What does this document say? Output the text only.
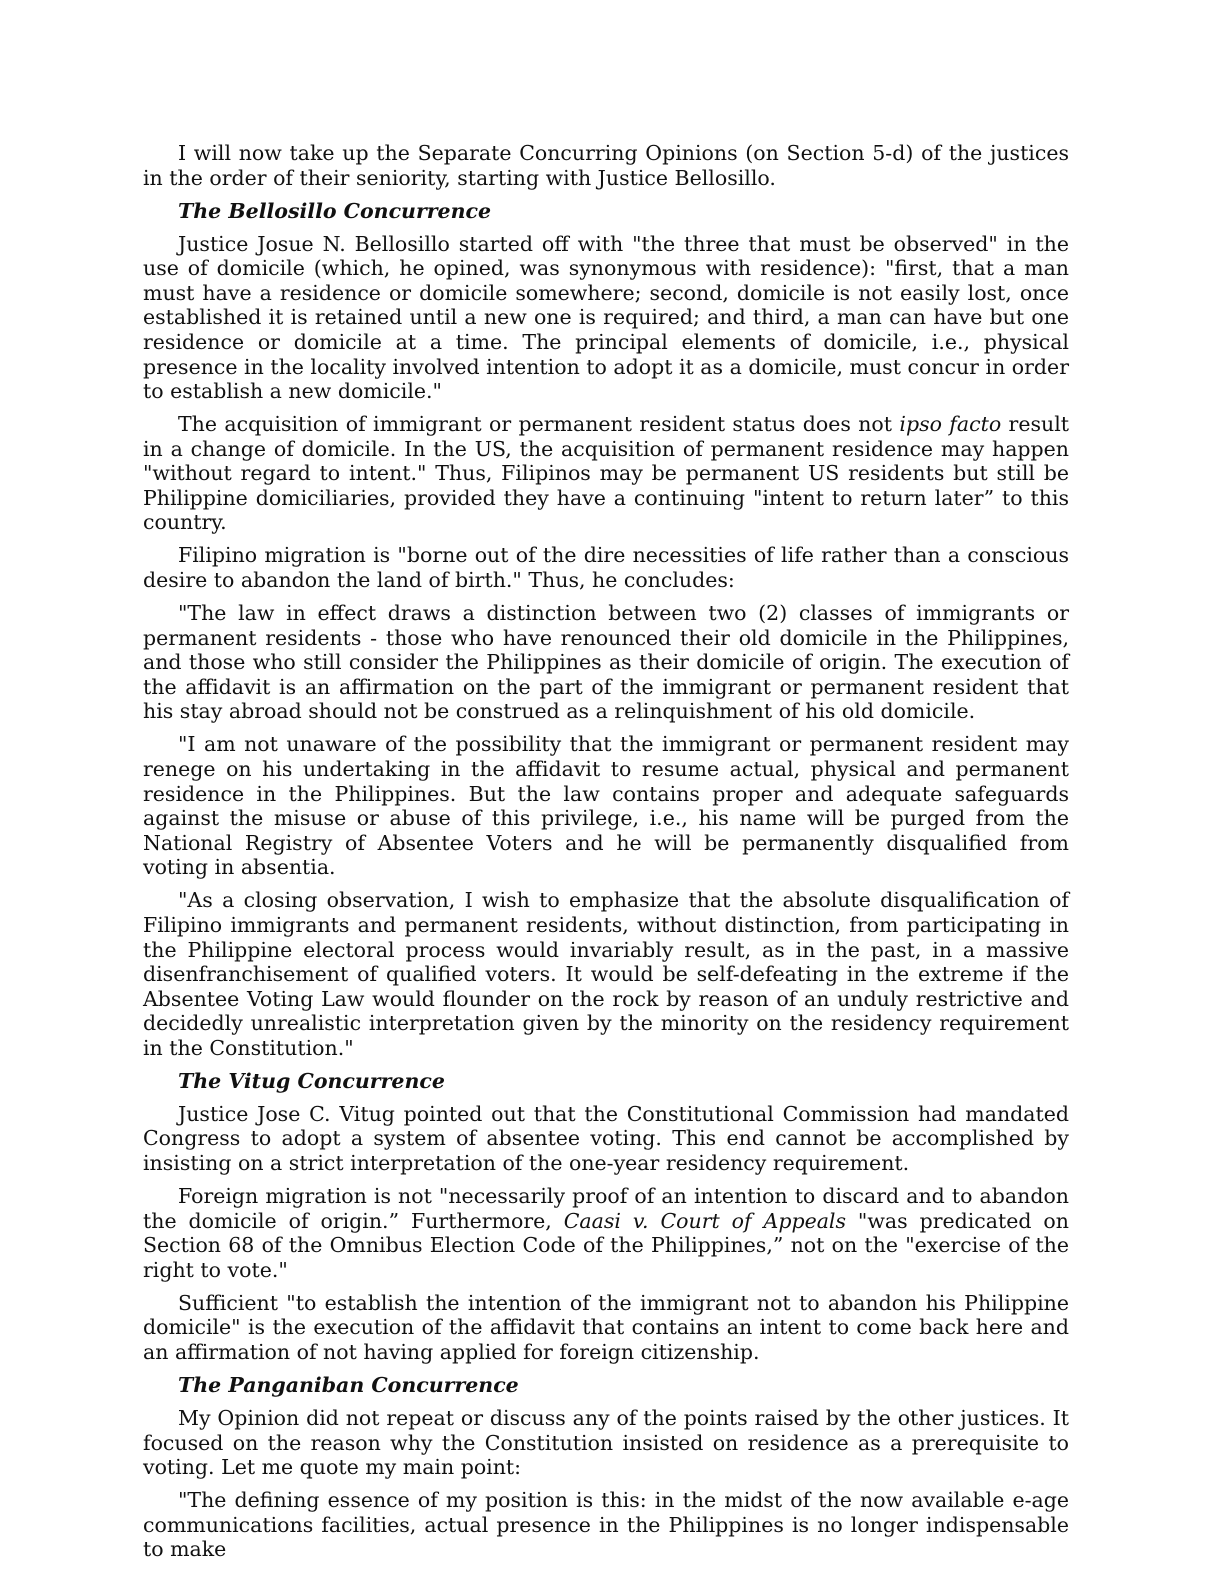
I will now take up the Separate Concurring Opinions (on Section 5-d) of the justices in the order of their seniority, starting with Justice Bellosillo.

The Bellosillo Concurrence

Justice Josue N. Bellosillo started off with "the three that must be observed" in the use of domicile (which, he opined, was synonymous with residence): "first, that a man must have a residence or domicile somewhere; second, domicile is not easily lost, once established it is retained until a new one is required; and third, a man can have but one residence or domicile at a time. The principal elements of domicile, i.e., physical presence in the locality involved intention to adopt it as a domicile, must concur in order to establish a new domicile."

The acquisition of immigrant or permanent resident status does not ipso facto result in a change of domicile. In the US, the acquisition of permanent residence may happen "without regard to intent." Thus, Filipinos may be permanent US residents but still be Philippine domiciliaries, provided they have a continuing "intent to return later” to this country.

Filipino migration is "borne out of the dire necessities of life rather than a conscious desire to abandon the land of birth." Thus, he concludes:

"The law in effect draws a distinction between two (2) classes of immigrants or permanent residents - those who have renounced their old domicile in the Philippines, and those who still consider the Philippines as their domicile of origin. The execution of the affidavit is an affirmation on the part of the immigrant or permanent resident that his stay abroad should not be construed as a relinquishment of his old domicile.

"I am not unaware of the possibility that the immigrant or permanent resident may renege on his undertaking in the affidavit to resume actual, physical and permanent residence in the Philippines. But the law contains proper and adequate safeguards against the misuse or abuse of this privilege, i.e., his name will be purged from the National Registry of Absentee Voters and he will be permanently disqualified from voting in absentia.

"As a closing observation, I wish to emphasize that the absolute disqualification of Filipino immigrants and permanent residents, without distinction, from participating in the Philippine electoral process would invariably result, as in the past, in a massive disenfranchisement of qualified voters. It would be self-defeating in the extreme if the Absentee Voting Law would flounder on the rock by reason of an unduly restrictive and decidedly unrealistic interpretation given by the minority on the residency requirement in the Constitution."

The Vitug Concurrence

Justice Jose C. Vitug pointed out that the Constitutional Commission had mandated Congress to adopt a system of absentee voting. This end cannot be accomplished by insisting on a strict interpretation of the one-year residency requirement.

Foreign migration is not "necessarily proof of an intention to discard and to abandon the domicile of origin.” Furthermore, Caasi v. Court of Appeals "was predicated on Section 68 of the Omnibus Election Code of the Philippines,” not on the "exercise of the right to vote."

Sufficient "to establish the intention of the immigrant not to abandon his Philippine domicile" is the execution of the affidavit that contains an intent to come back here and an affirmation of not having applied for foreign citizenship.

The Panganiban Concurrence

My Opinion did not repeat or discuss any of the points raised by the other justices. It focused on the reason why the Constitution insisted on residence as a prerequisite to voting. Let me quote my main point:

"The defining essence of my position is this: in the midst of the now available e-age communications facilities, actual presence in the Philippines is no longer indispensable to make
